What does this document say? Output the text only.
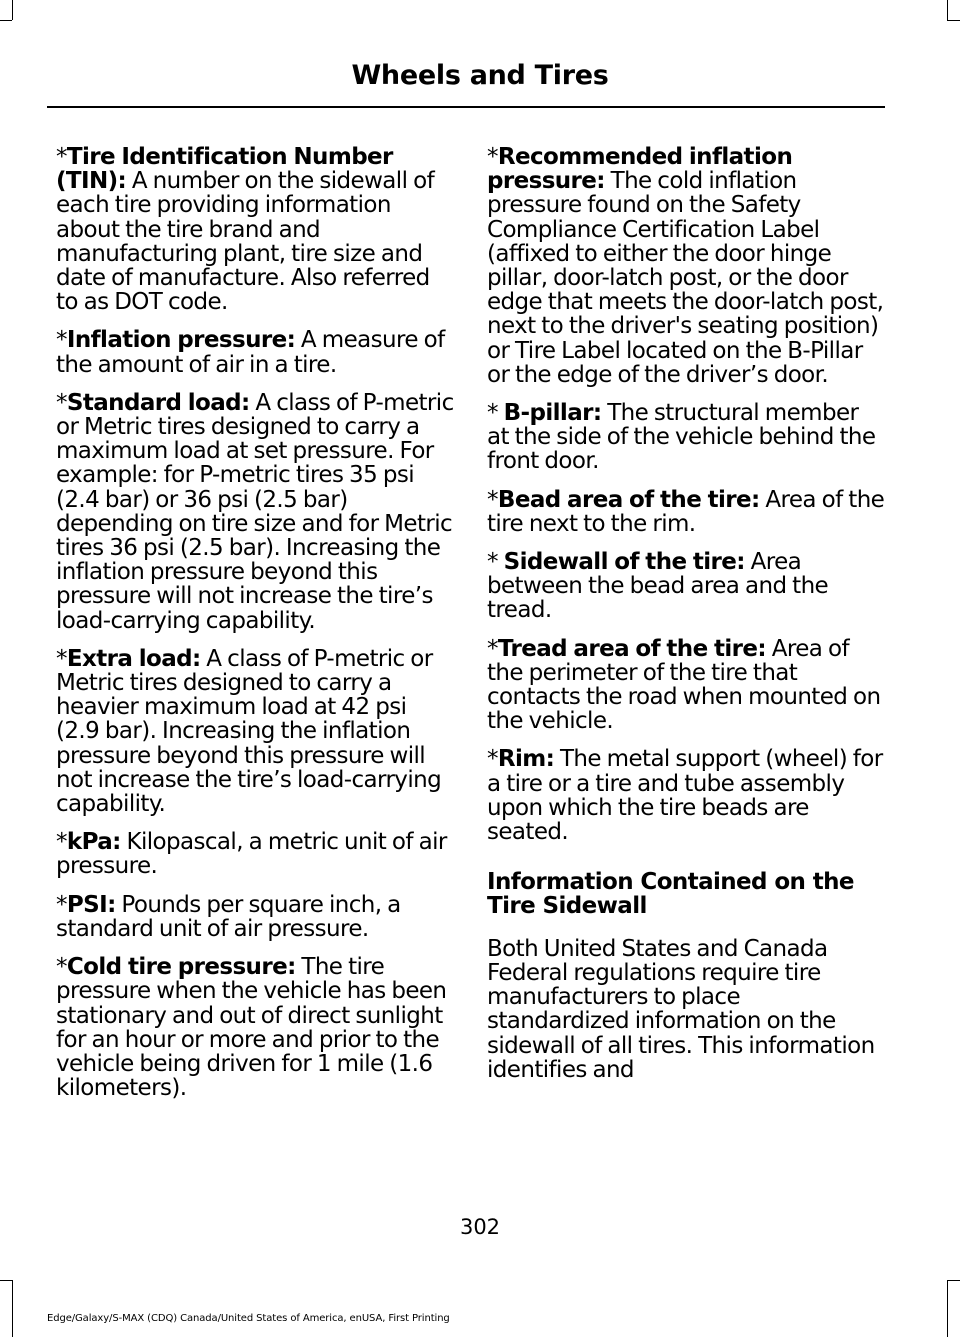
Wheels and Tires
*Tire Identification Number (TIN): A number on the sidewall of each tire providing information about the tire brand and manufacturing plant, tire size and date of manufacture. Also referred to as DOT code.
*Inflation pressure: A measure of the amount of air in a tire.
*Standard load: A class of P-metric or Metric tires designed to carry a maximum load at set pressure. For example: for P-metric tires 35 psi (2.4 bar) or 36 psi (2.5 bar) depending on tire size and for Metric tires 36 psi (2.5 bar). Increasing the inflation pressure beyond this pressure will not increase the tire’s load-carrying capability.
*Extra load: A class of P-metric or Metric tires designed to carry a heavier maximum load at 42 psi (2.9 bar). Increasing the inflation pressure beyond this pressure will not increase the tire’s load-carrying capability.
*kPa: Kilopascal, a metric unit of air pressure.
*PSI: Pounds per square inch, a standard unit of air pressure.
*Cold tire pressure: The tire pressure when the vehicle has been stationary and out of direct sunlight for an hour or more and prior to the vehicle being driven for 1 mile (1.6 kilometers).
*Recommended inflation pressure: The cold inflation pressure found on the Safety Compliance Certification Label (affixed to either the door hinge pillar, door-latch post, or the door edge that meets the door-latch post, next to the driver's seating position) or Tire Label located on the B-Pillar or the edge of the driver’s door.
* B-pillar: The structural member at the side of the vehicle behind the front door.
*Bead area of the tire: Area of the tire next to the rim.
* Sidewall of the tire: Area between the bead area and the tread.
*Tread area of the tire: Area of the perimeter of the tire that contacts the road when mounted on the vehicle.
*Rim: The metal support (wheel) for a tire or a tire and tube assembly upon which the tire beads are seated.
Information Contained on the Tire Sidewall
Both United States and Canada Federal regulations require tire manufacturers to place standardized information on the sidewall of all tires. This information identifies and
302
Edge/Galaxy/S-MAX (CDQ) Canada/United States of America, enUSA, First Printing
